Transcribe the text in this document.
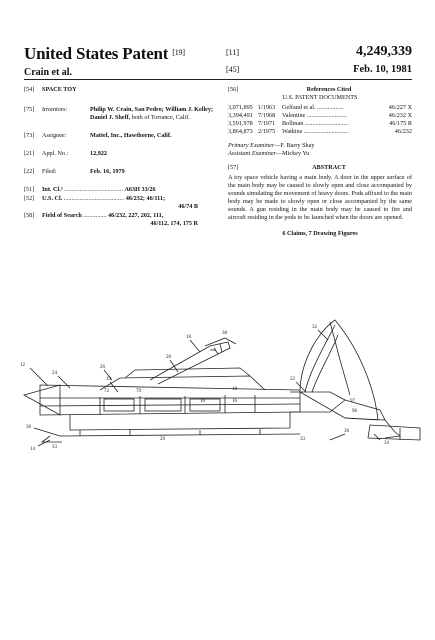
United States Patent [19]
Crain et al.
[11]	4,249,339
[45]	Feb. 10, 1981
[54]	SPACE TOY
[75]	Inventors:	Philip W. Crain, San Pedro; William J. Kelley; Daniel J. Sheff, both of Torrance, Calif.
[73]	Assignee:	Mattel, Inc., Hawthorne, Calif.
[21]	Appl. No.:	12,922
[22]	Filed:	Feb. 16, 1979
[51]	Int. Cl.³ ...................................... A63H 33/26
[52]	U.S. Cl. ....................................... 46/232; 46/111;

46/74 B
[58]	Field of Search ............... 46/232, 227, 202, 111,

46/112, 174, 175 R
[56]	References Cited
U.S. PATENT DOCUMENTS
3,071,895 1/1963	Gelfand et al. .................	46/227 X
3,394,491 7/1968	Valentine ..........................	46/232 X
3,591,978 7/1971	Bollman ............................	46/175 R
3,864,873 2/1975	Watkins .............................	46/232
Primary Examiner—F. Barry Shay
Assistant Examiner—Mickey Yu
[57]	ABSTRACT
A toy space vehicle having a main body. A door in the upper surface of the main body may be caused to slowly open and close accompanied by sounds simulating the movement of heavy doors. Pods affixed to the main body may be made to slowly open or close accompanied by the same sounds. A gun residing in the main body may be caused to fire and aircraft residing in the pods to be launched when the doors are opened.
6 Claims, 7 Drawing Figures
12
24
26
28
18
38
32
22
97
98
19
72	70	18
16	16
30
14	33
20	33
36
34
